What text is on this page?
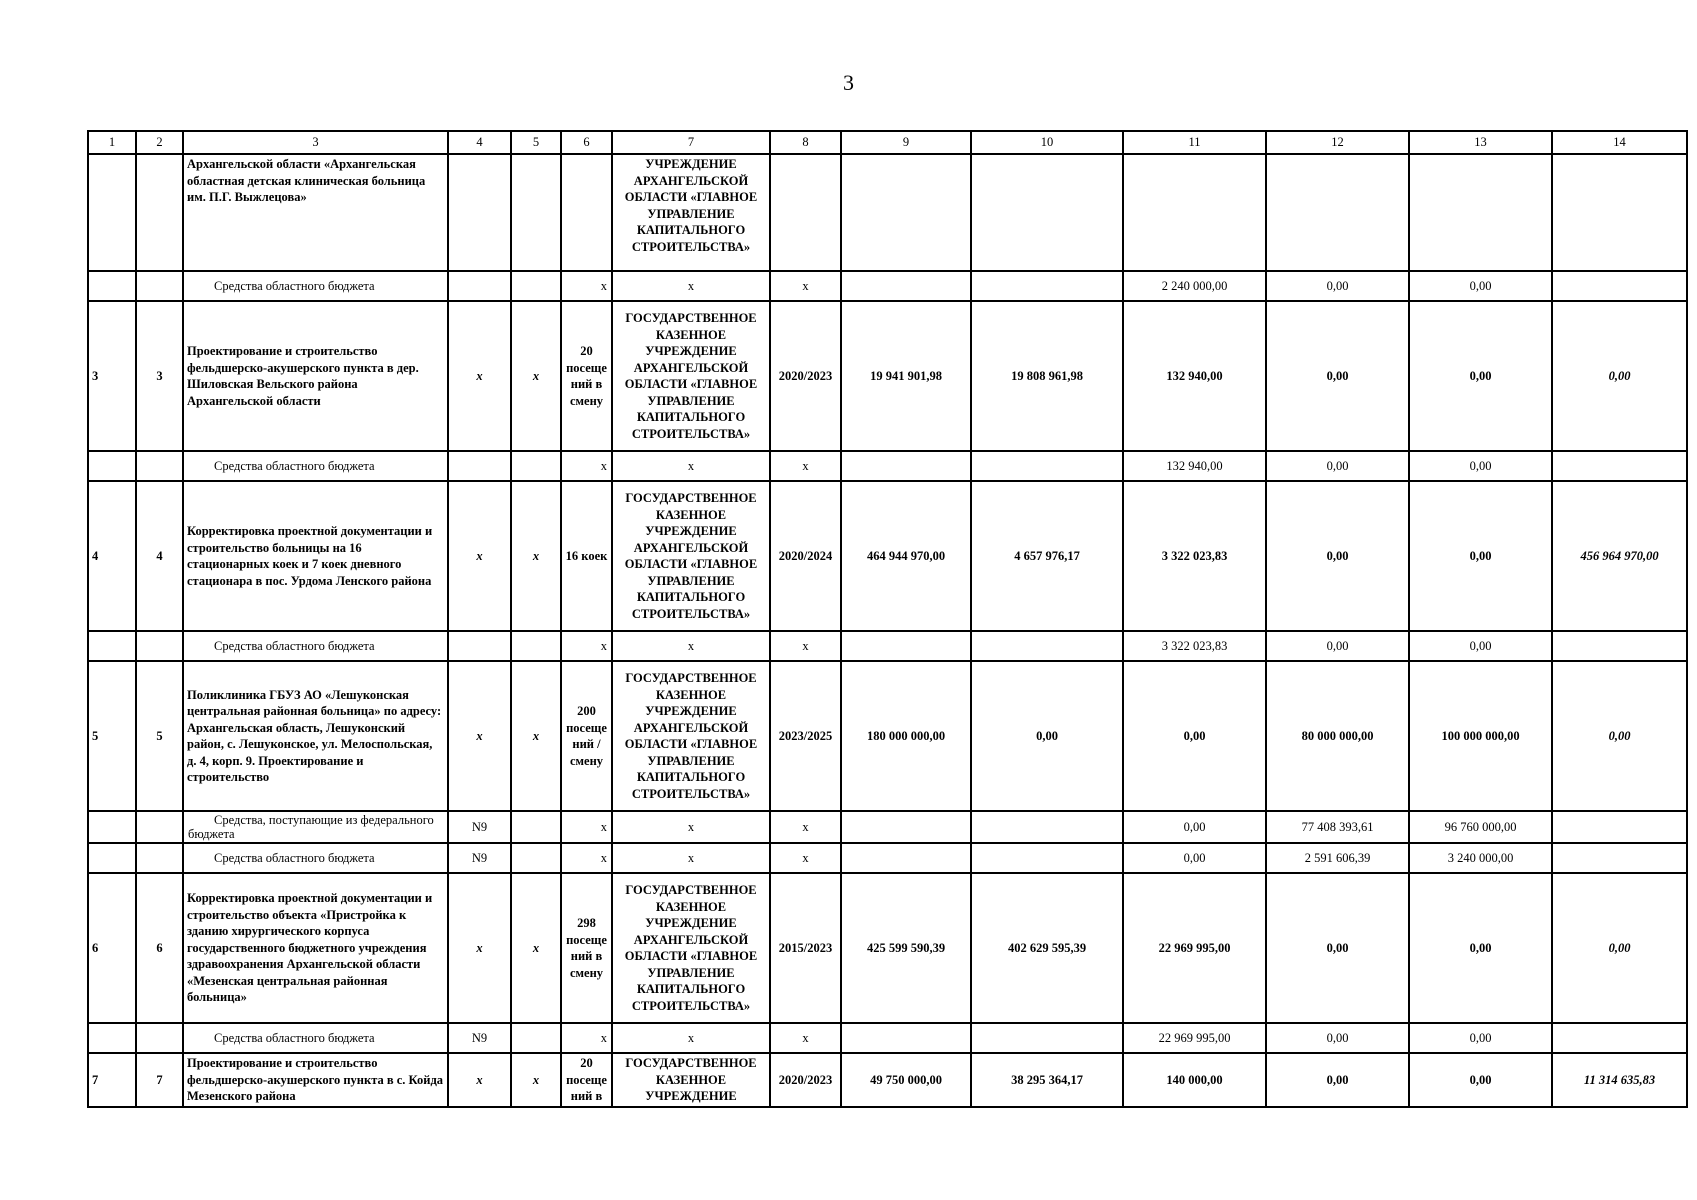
3
1	2	3	4	5	6	7	8	9	10	11	12	13	14
		Архангельской области «Архангельская областная детская клиническая больница им. П.Г. Выжлецова»				УЧРЕЖДЕНИЕ АРХАНГЕЛЬСКОЙ ОБЛАСТИ «ГЛАВНОЕ УПРАВЛЕНИЕ КАПИТАЛЬНОГО СТРОИТЕЛЬСТВА»							
		Средства областного бюджета			x	x	x			2 240 000,00	0,00	0,00	
3	3	Проектирование и строительство фельдшерско-акушерского пункта в дер. Шиловская Вельского района Архангельской области	x	x	20 посещений в смену	ГОСУДАРСТВЕННОЕ КАЗЕННОЕ УЧРЕЖДЕНИЕ АРХАНГЕЛЬСКОЙ ОБЛАСТИ «ГЛАВНОЕ УПРАВЛЕНИЕ КАПИТАЛЬНОГО СТРОИТЕЛЬСТВА»	2020/2023	19 941 901,98	19 808 961,98	132 940,00	0,00	0,00	0,00
		Средства областного бюджета			x	x	x			132 940,00	0,00	0,00	
4	4	Корректировка проектной документации и строительство больницы на 16 стационарных коек и 7 коек дневного стационара в пос. Урдома Ленского района	x	x	16 коек	ГОСУДАРСТВЕННОЕ КАЗЕННОЕ УЧРЕЖДЕНИЕ АРХАНГЕЛЬСКОЙ ОБЛАСТИ «ГЛАВНОЕ УПРАВЛЕНИЕ КАПИТАЛЬНОГО СТРОИТЕЛЬСТВА»	2020/2024	464 944 970,00	4 657 976,17	3 322 023,83	0,00	0,00	456 964 970,00
		Средства областного бюджета			x	x	x			3 322 023,83	0,00	0,00	
5	5	Поликлиника ГБУЗ АО «Лешуконская центральная районная больница» по адресу: Архангельская область, Лешуконский район, с. Лешуконское, ул. Мелоспольская, д. 4, корп. 9. Проектирование и строительство	x	x	200 посещений / смену	ГОСУДАРСТВЕННОЕ КАЗЕННОЕ УЧРЕЖДЕНИЕ АРХАНГЕЛЬСКОЙ ОБЛАСТИ «ГЛАВНОЕ УПРАВЛЕНИЕ КАПИТАЛЬНОГО СТРОИТЕЛЬСТВА»	2023/2025	180 000 000,00	0,00	0,00	80 000 000,00	100 000 000,00	0,00
		Средства, поступающие из федерального бюджета	N9		x	x	x			0,00	77 408 393,61	96 760 000,00	
		Средства областного бюджета	N9		x	x	x			0,00	2 591 606,39	3 240 000,00	
6	6	Корректировка проектной документации и строительство объекта «Пристройка к зданию хирургического корпуса государственного бюджетного учреждения здравоохранения Архангельской области «Мезенская центральная районная больница»	x	x	298 посещений в смену	ГОСУДАРСТВЕННОЕ КАЗЕННОЕ УЧРЕЖДЕНИЕ АРХАНГЕЛЬСКОЙ ОБЛАСТИ «ГЛАВНОЕ УПРАВЛЕНИЕ КАПИТАЛЬНОГО СТРОИТЕЛЬСТВА»	2015/2023	425 599 590,39	402 629 595,39	22 969 995,00	0,00	0,00	0,00
		Средства областного бюджета	N9		x	x	x			22 969 995,00	0,00	0,00	
7	7	Проектирование и строительство фельдшерско-акушерского пункта в с. Койда Мезенского района	x	x	20 посещений в	ГОСУДАРСТВЕННОЕ КАЗЕННОЕ УЧРЕЖДЕНИЕ	2020/2023	49 750 000,00	38 295 364,17	140 000,00	0,00	0,00	11 314 635,83
